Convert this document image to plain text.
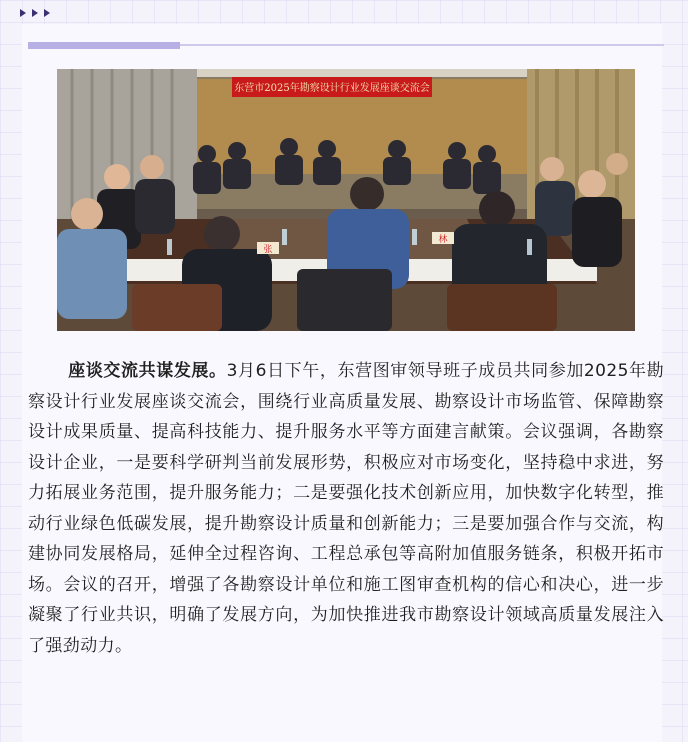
东营市2025年勘察设计行业发展座谈交流会
张
林

座谈交流共谋发展。3月6日下午，东营图审领导班子成员共同参加2025年勘察设计行业发展座谈交流会，围绕行业高质量发展、勘察设计市场监管、保障勘察设计成果质量、提高科技能力、提升服务水平等方面建言献策。会议强调，各勘察设计企业，一是要科学研判当前发展形势，积极应对市场变化，坚持稳中求进，努力拓展业务范围，提升服务能力；二是要强化技术创新应用，加快数字化转型，推动行业绿色低碳发展，提升勘察设计质量和创新能力；三是要加强合作与交流，构建协同发展格局，延伸全过程咨询、工程总承包等高附加值服务链条，积极开拓市场。会议的召开，增强了各勘察设计单位和施工图审查机构的信心和决心，进一步凝聚了行业共识，明确了发展方向，为加快推进我市勘察设计领域高质量发展注入了强劲动力。
